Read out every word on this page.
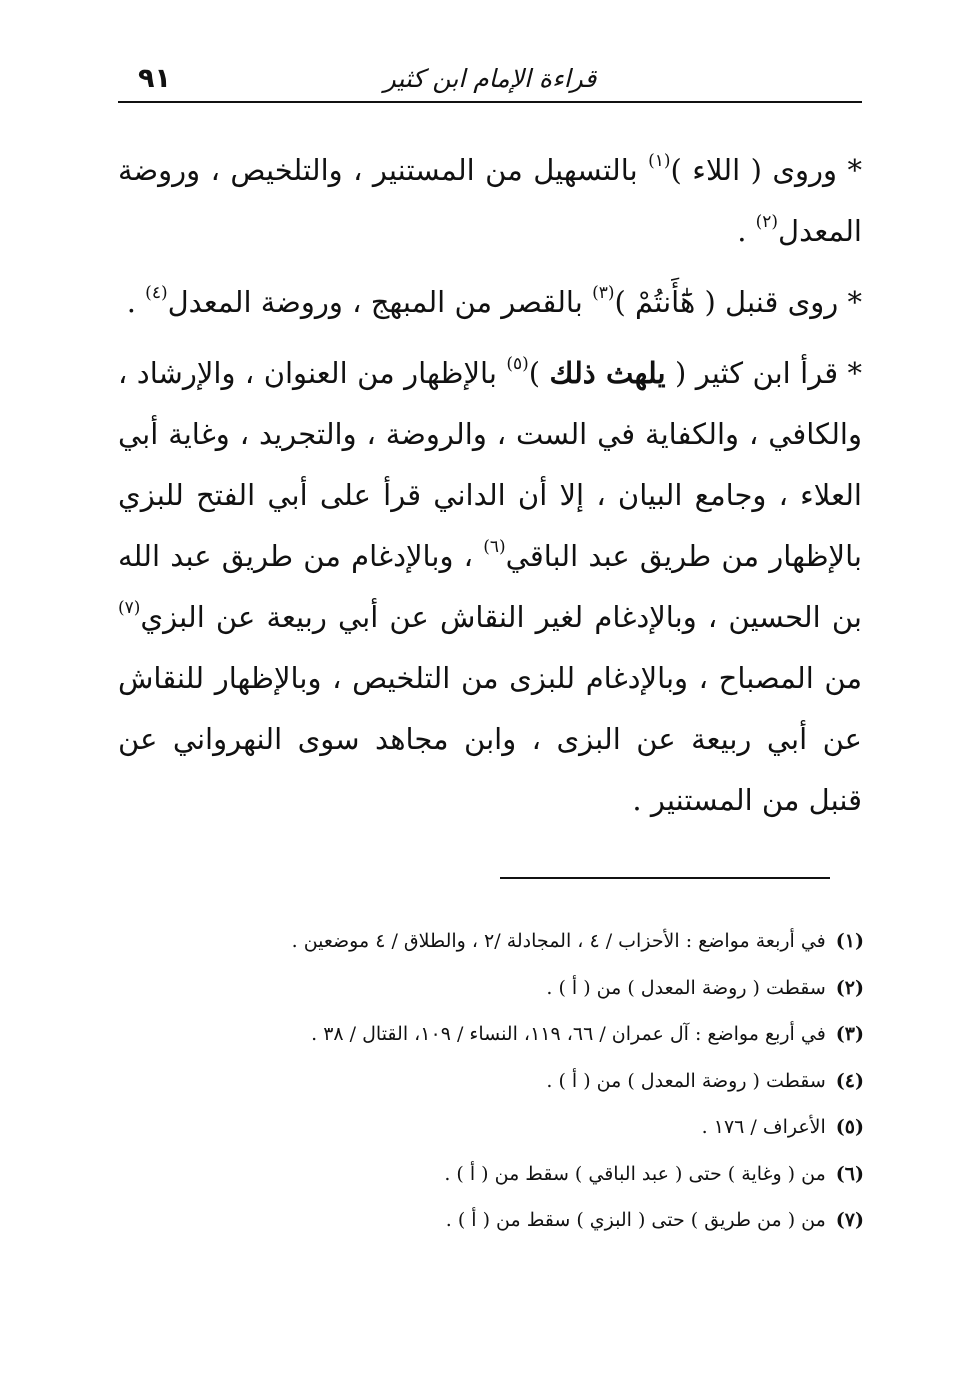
٩١	قراءة الإمام ابن كثير

* وروى ( اللاء )$^{(١)}$ بالتسهيل من المستنير ، والتلخيص ، وروضة المعدل$^{(٢)}$ .

* روى قنبل ( هَٰٓأَنتُمْ )$^{(٣)}$ بالقصر من المبهج ، وروضة المعدل$^{(٤)}$ .

* قرأ ابن كثير ( يلهث ذلك )$^{(٥)}$ بالإظهار من العنوان ، والإرشاد ، والكافي ، والكفاية في الست ، والروضة ، والتجريد ، وغاية أبي العلاء ، وجامع البيان ، إلا أن الداني قرأ على أبي الفتح للبزي بالإظهار من طريق عبد الباقي$^{(٦)}$ ، وبالإدغام من طريق عبد الله بن الحسين ، وبالإدغام لغير النقاش عن أبي ربيعة عن البزي$^{(٧)}$ من المصباح ، وبالإدغام للبزى من التلخيص ، وبالإظهار للنقاش عن أبي ربيعة عن البزى ، وابن مجاهد سوى النهرواني عن قنبل من المستنير .

(١)في أربعة مواضع : الأحزاب / ٤ ، المجادلة /٢ ، والطلاق / ٤ موضعين .
(٢)سقطت ( روضة المعدل ) من ( أ ) .
(٣)في أربع مواضع : آل عمران / ٦٦، ١١٩، النساء / ١٠٩، القتال / ٣٨ .
(٤)سقطت ( روضة المعدل ) من ( أ ) .
(٥)الأعراف / ١٧٦ .
(٦)من ( وغاية ) حتى ( عبد الباقي ) سقط من ( أ ) .
(٧)من ( من طريق ) حتى ( البزي ) سقط من ( أ ) .
